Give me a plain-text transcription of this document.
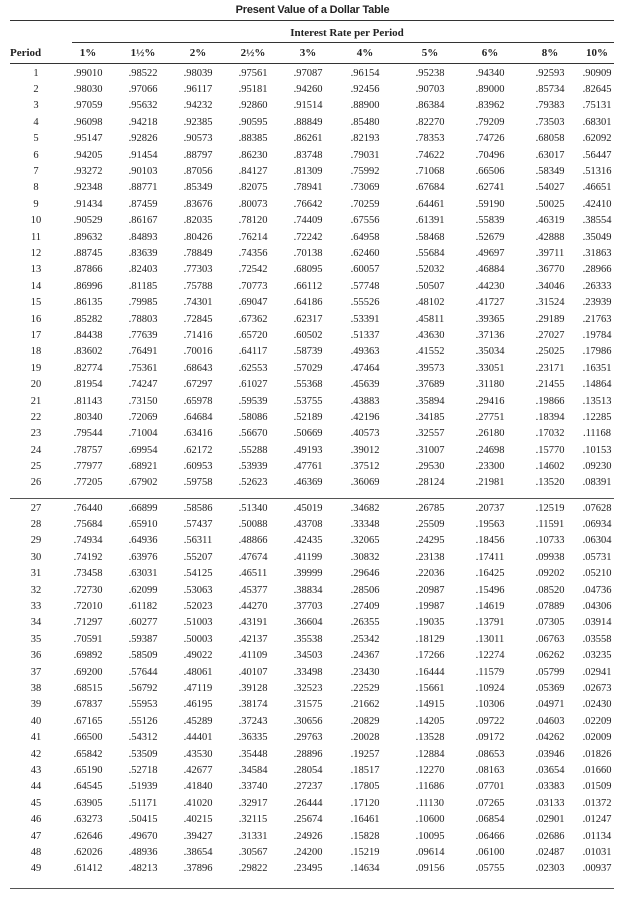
Present Value of a Dollar Table
Interest Rate per Period
Period	1%	1½%	2%	2½%	3%	4%	5%	6%	8%	10%
1	.99010	.98522	.98039	.97561	.97087	.96154	.95238	.94340	.92593	.90909
2	.98030	.97066	.96117	.95181	.94260	.92456	.90703	.89000	.85734	.82645
3	.97059	.95632	.94232	.92860	.91514	.88900	.86384	.83962	.79383	.75131
4	.96098	.94218	.92385	.90595	.88849	.85480	.82270	.79209	.73503	.68301
5	.95147	.92826	.90573	.88385	.86261	.82193	.78353	.74726	.68058	.62092
6	.94205	.91454	.88797	.86230	.83748	.79031	.74622	.70496	.63017	.56447
7	.93272	.90103	.87056	.84127	.81309	.75992	.71068	.66506	.58349	.51316
8	.92348	.88771	.85349	.82075	.78941	.73069	.67684	.62741	.54027	.46651
9	.91434	.87459	.83676	.80073	.76642	.70259	.64461	.59190	.50025	.42410
10	.90529	.86167	.82035	.78120	.74409	.67556	.61391	.55839	.46319	.38554
11	.89632	.84893	.80426	.76214	.72242	.64958	.58468	.52679	.42888	.35049
12	.88745	.83639	.78849	.74356	.70138	.62460	.55684	.49697	.39711	.31863
13	.87866	.82403	.77303	.72542	.68095	.60057	.52032	.46884	.36770	.28966
14	.86996	.81185	.75788	.70773	.66112	.57748	.50507	.44230	.34046	.26333
15	.86135	.79985	.74301	.69047	.64186	.55526	.48102	.41727	.31524	.23939
16	.85282	.78803	.72845	.67362	.62317	.53391	.45811	.39365	.29189	.21763
17	.84438	.77639	.71416	.65720	.60502	.51337	.43630	.37136	.27027	.19784
18	.83602	.76491	.70016	.64117	.58739	.49363	.41552	.35034	.25025	.17986
19	.82774	.75361	.68643	.62553	.57029	.47464	.39573	.33051	.23171	.16351
20	.81954	.74247	.67297	.61027	.55368	.45639	.37689	.31180	.21455	.14864
21	.81143	.73150	.65978	.59539	.53755	.43883	.35894	.29416	.19866	.13513
22	.80340	.72069	.64684	.58086	.52189	.42196	.34185	.27751	.18394	.12285
23	.79544	.71004	.63416	.56670	.50669	.40573	.32557	.26180	.17032	.11168
24	.78757	.69954	.62172	.55288	.49193	.39012	.31007	.24698	.15770	.10153
25	.77977	.68921	.60953	.53939	.47761	.37512	.29530	.23300	.14602	.09230
26	.77205	.67902	.59758	.52623	.46369	.36069	.28124	.21981	.13520	.08391
27	.76440	.66899	.58586	.51340	.45019	.34682	.26785	.20737	.12519	.07628
28	.75684	.65910	.57437	.50088	.43708	.33348	.25509	.19563	.11591	.06934
29	.74934	.64936	.56311	.48866	.42435	.32065	.24295	.18456	.10733	.06304
30	.74192	.63976	.55207	.47674	.41199	.30832	.23138	.17411	.09938	.05731
31	.73458	.63031	.54125	.46511	.39999	.29646	.22036	.16425	.09202	.05210
32	.72730	.62099	.53063	.45377	.38834	.28506	.20987	.15496	.08520	.04736
33	.72010	.61182	.52023	.44270	.37703	.27409	.19987	.14619	.07889	.04306
34	.71297	.60277	.51003	.43191	.36604	.26355	.19035	.13791	.07305	.03914
35	.70591	.59387	.50003	.42137	.35538	.25342	.18129	.13011	.06763	.03558
36	.69892	.58509	.49022	.41109	.34503	.24367	.17266	.12274	.06262	.03235
37	.69200	.57644	.48061	.40107	.33498	.23430	.16444	.11579	.05799	.02941
38	.68515	.56792	.47119	.39128	.32523	.22529	.15661	.10924	.05369	.02673
39	.67837	.55953	.46195	.38174	.31575	.21662	.14915	.10306	.04971	.02430
40	.67165	.55126	.45289	.37243	.30656	.20829	.14205	.09722	.04603	.02209
41	.66500	.54312	.44401	.36335	.29763	.20028	.13528	.09172	.04262	.02009
42	.65842	.53509	.43530	.35448	.28896	.19257	.12884	.08653	.03946	.01826
43	.65190	.52718	.42677	.34584	.28054	.18517	.12270	.08163	.03654	.01660
44	.64545	.51939	.41840	.33740	.27237	.17805	.11686	.07701	.03383	.01509
45	.63905	.51171	.41020	.32917	.26444	.17120	.11130	.07265	.03133	.01372
46	.63273	.50415	.40215	.32115	.25674	.16461	.10600	.06854	.02901	.01247
47	.62646	.49670	.39427	.31331	.24926	.15828	.10095	.06466	.02686	.01134
48	.62026	.48936	.38654	.30567	.24200	.15219	.09614	.06100	.02487	.01031
49	.61412	.48213	.37896	.29822	.23495	.14634	.09156	.05755	.02303	.00937
